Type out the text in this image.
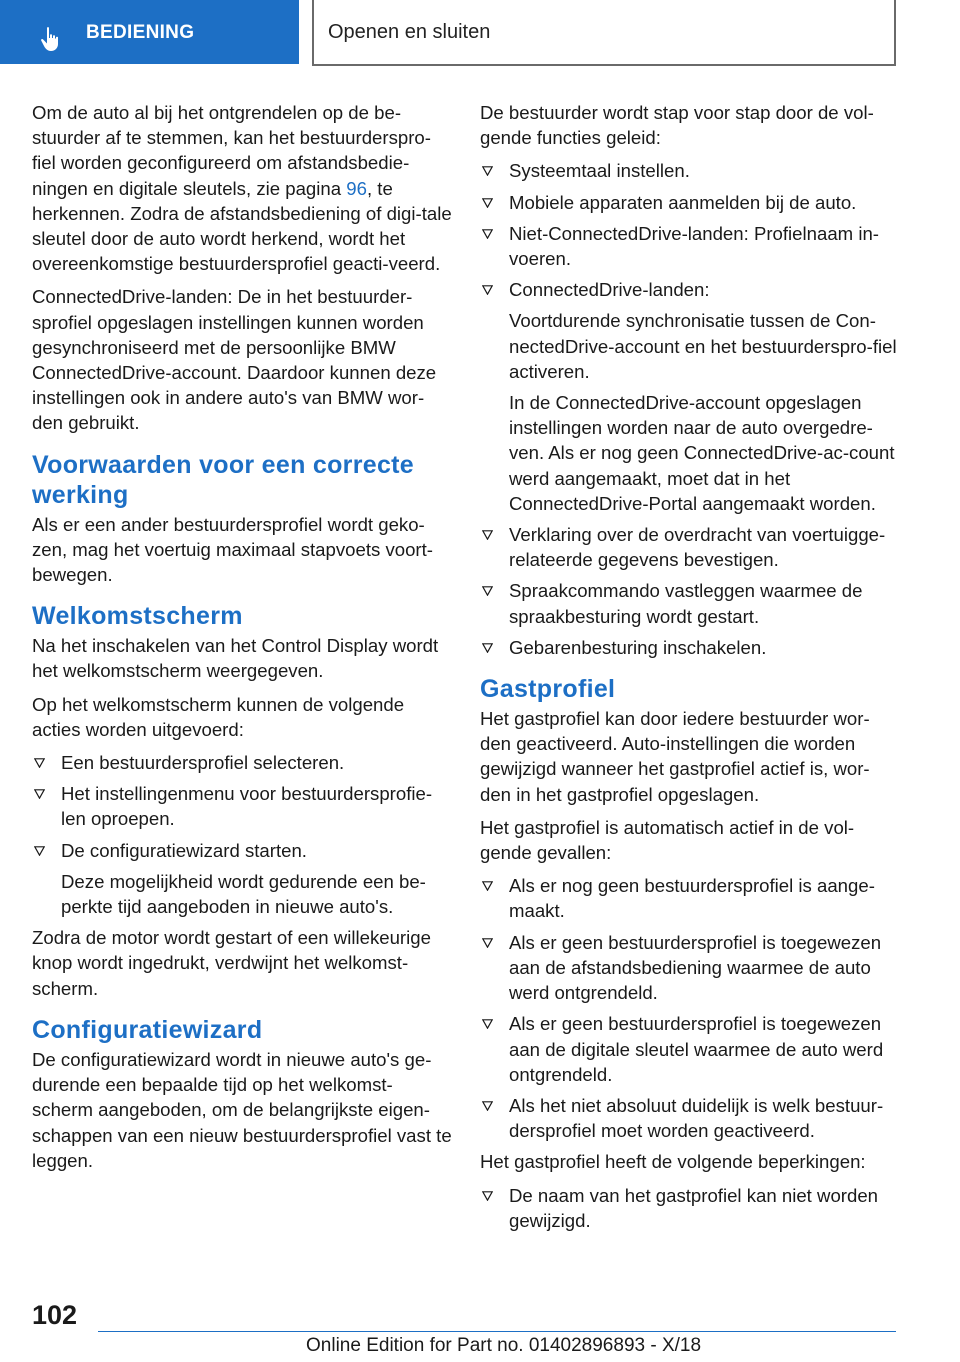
BEDIENING	Openen en sluiten

Om de auto al bij het ontgrendelen op de be-stuurder af te stemmen, kan het bestuurderspro-fiel worden geconfigureerd om afstandsbedie-ningen en digitale sleutels, zie pagina 96, te herkennen. Zodra de afstandsbediening of digi-tale sleutel door de auto wordt herkend, wordt het overeenkomstige bestuurdersprofiel geacti-veerd.

ConnectedDrive-landen: De in het bestuurder-sprofiel opgeslagen instellingen kunnen worden gesynchroniseerd met de persoonlijke BMW ConnectedDrive-account. Daardoor kunnen deze instellingen ook in andere auto's van BMW wor-den gebruikt.

Voorwaarden voor een correcte werking

Als er een ander bestuurdersprofiel wordt geko-zen, mag het voertuig maximaal stapvoets voort-bewegen.

Welkomstscherm

Na het inschakelen van het Control Display wordt het welkomstscherm weergegeven.

Op het welkomstscherm kunnen de volgende acties worden uitgevoerd:

Een bestuurdersprofiel selecteren.
Het instellingenmenu voor bestuurdersprofie-len oproepen.
De configuratiewizard starten.
Deze mogelijkheid wordt gedurende een be-perkte tijd aangeboden in nieuwe auto's.

Zodra de motor wordt gestart of een willekeurige knop wordt ingedrukt, verdwijnt het welkomst-scherm.

Configuratiewizard

De configuratiewizard wordt in nieuwe auto's ge-durende een bepaalde tijd op het welkomst-scherm aangeboden, om de belangrijkste eigen-schappen van een nieuw bestuurdersprofiel vast te leggen.

De bestuurder wordt stap voor stap door de vol-gende functies geleid:

Systeemtaal instellen.
Mobiele apparaten aanmelden bij de auto.
Niet-ConnectedDrive-landen: Profielnaam in-voeren.
ConnectedDrive-landen:
Voortdurende synchronisatie tussen de Con-nectedDrive-account en het bestuurderspro-fiel activeren.
In de ConnectedDrive-account opgeslagen instellingen worden naar de auto overgedre-ven. Als er nog geen ConnectedDrive-ac-count werd aangemaakt, moet dat in het ConnectedDrive-Portal aangemaakt worden.
Verklaring over de overdracht van voertuigge-relateerde gegevens bevestigen.
Spraakcommando vastleggen waarmee de spraakbesturing wordt gestart.
Gebarenbesturing inschakelen.
Gastprofiel

Het gastprofiel kan door iedere bestuurder wor-den geactiveerd. Auto-instellingen die worden gewijzigd wanneer het gastprofiel actief is, wor-den in het gastprofiel opgeslagen.

Het gastprofiel is automatisch actief in de vol-gende gevallen:

Als er nog geen bestuurdersprofiel is aange-maakt.
Als er geen bestuurdersprofiel is toegewezen aan de afstandsbediening waarmee de auto werd ontgrendeld.
Als er geen bestuurdersprofiel is toegewezen aan de digitale sleutel waarmee de auto werd ontgrendeld.
Als het niet absoluut duidelijk is welk bestuur-dersprofiel moet worden geactiveerd.

Het gastprofiel heeft de volgende beperkingen:

De naam van het gastprofiel kan niet worden gewijzigd.
102
Online Edition for Part no. 01402896893 - X/18
